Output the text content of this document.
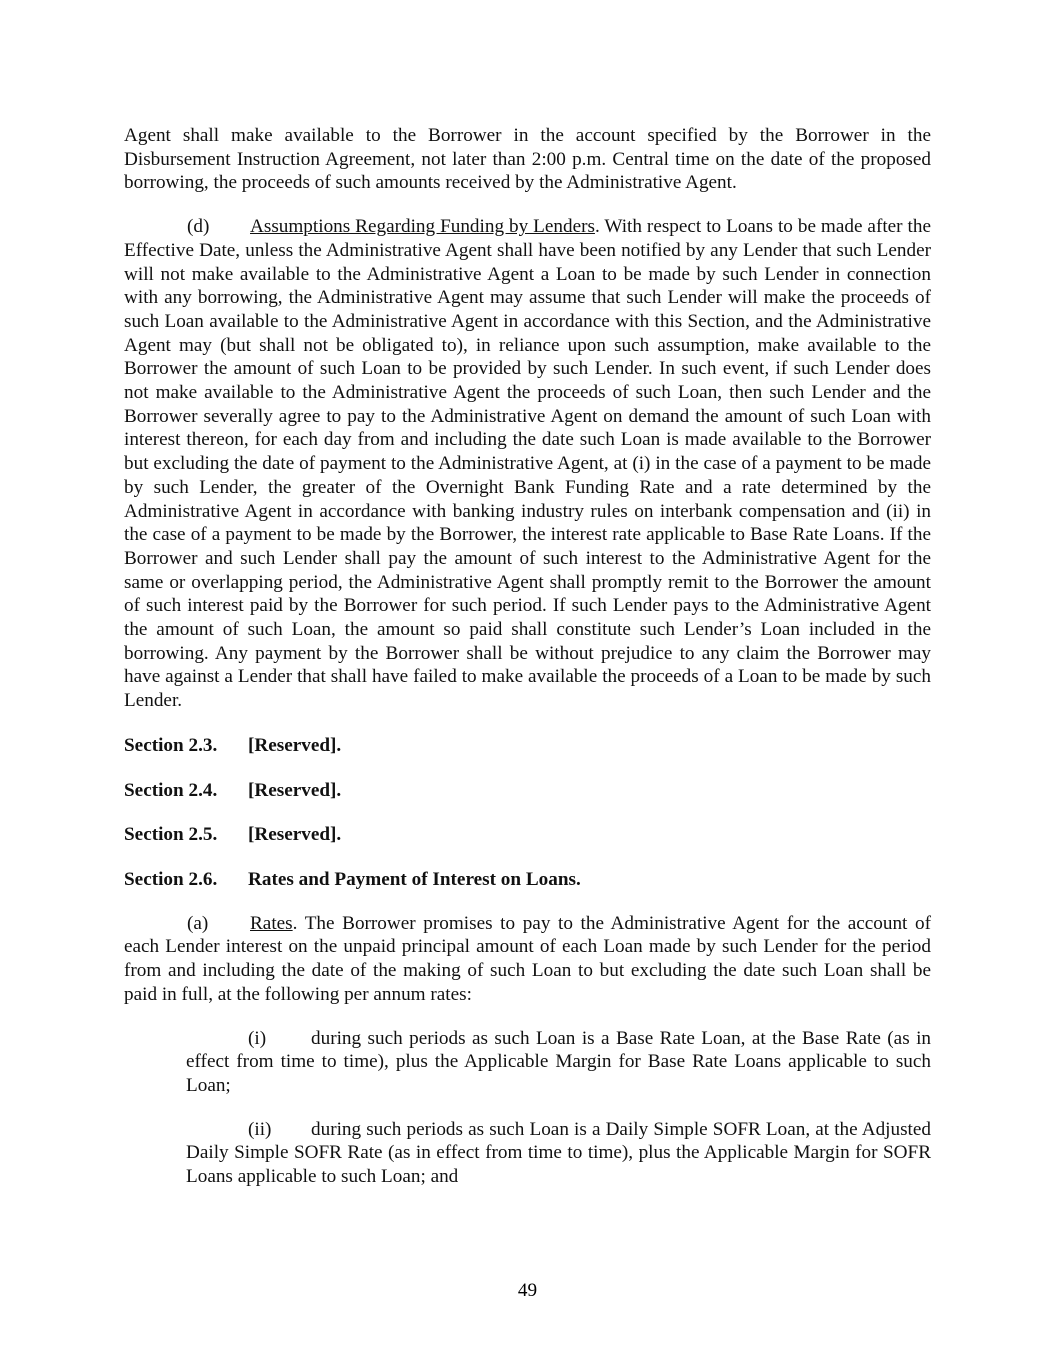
Agent shall make available to the Borrower in the account specified by the Borrower in the Disbursement Instruction Agreement, not later than 2:00 p.m. Central time on the date of the proposed borrowing, the proceeds of such amounts received by the Administrative Agent.

(d) Assumptions Regarding Funding by Lenders. With respect to Loans to be made after the Effective Date, unless the Administrative Agent shall have been notified by any Lender that such Lender will not make available to the Administrative Agent a Loan to be made by such Lender in connection with any borrowing, the Administrative Agent may assume that such Lender will make the proceeds of such Loan available to the Administrative Agent in accordance with this Section, and the Administrative Agent may (but shall not be obligated to), in reliance upon such assumption, make available to the Borrower the amount of such Loan to be provided by such Lender. In such event, if such Lender does not make available to the Administrative Agent the proceeds of such Loan, then such Lender and the Borrower severally agree to pay to the Administrative Agent on demand the amount of such Loan with interest thereon, for each day from and including the date such Loan is made available to the Borrower but excluding the date of payment to the Administrative Agent, at (i) in the case of a payment to be made by such Lender, the greater of the Overnight Bank Funding Rate and a rate determined by the Administrative Agent in accordance with banking industry rules on interbank compensation and (ii) in the case of a payment to be made by the Borrower, the interest rate applicable to Base Rate Loans. If the Borrower and such Lender shall pay the amount of such interest to the Administrative Agent for the same or overlapping period, the Administrative Agent shall promptly remit to the Borrower the amount of such interest paid by the Borrower for such period. If such Lender pays to the Administrative Agent the amount of such Loan, the amount so paid shall constitute such Lender’s Loan included in the borrowing. Any payment by the Borrower shall be without prejudice to any claim the Borrower may have against a Lender that shall have failed to make available the proceeds of a Loan to be made by such Lender.

Section 2.3. [Reserved].

Section 2.4. [Reserved].

Section 2.5. [Reserved].

Section 2.6. Rates and Payment of Interest on Loans.

(a) Rates. The Borrower promises to pay to the Administrative Agent for the account of each Lender interest on the unpaid principal amount of each Loan made by such Lender for the period from and including the date of the making of such Loan to but excluding the date such Loan shall be paid in full, at the following per annum rates:

(i) during such periods as such Loan is a Base Rate Loan, at the Base Rate (as in effect from time to time), plus the Applicable Margin for Base Rate Loans applicable to such Loan;

(ii) during such periods as such Loan is a Daily Simple SOFR Loan, at the Adjusted Daily Simple SOFR Rate (as in effect from time to time), plus the Applicable Margin for SOFR Loans applicable to such Loan; and

49
